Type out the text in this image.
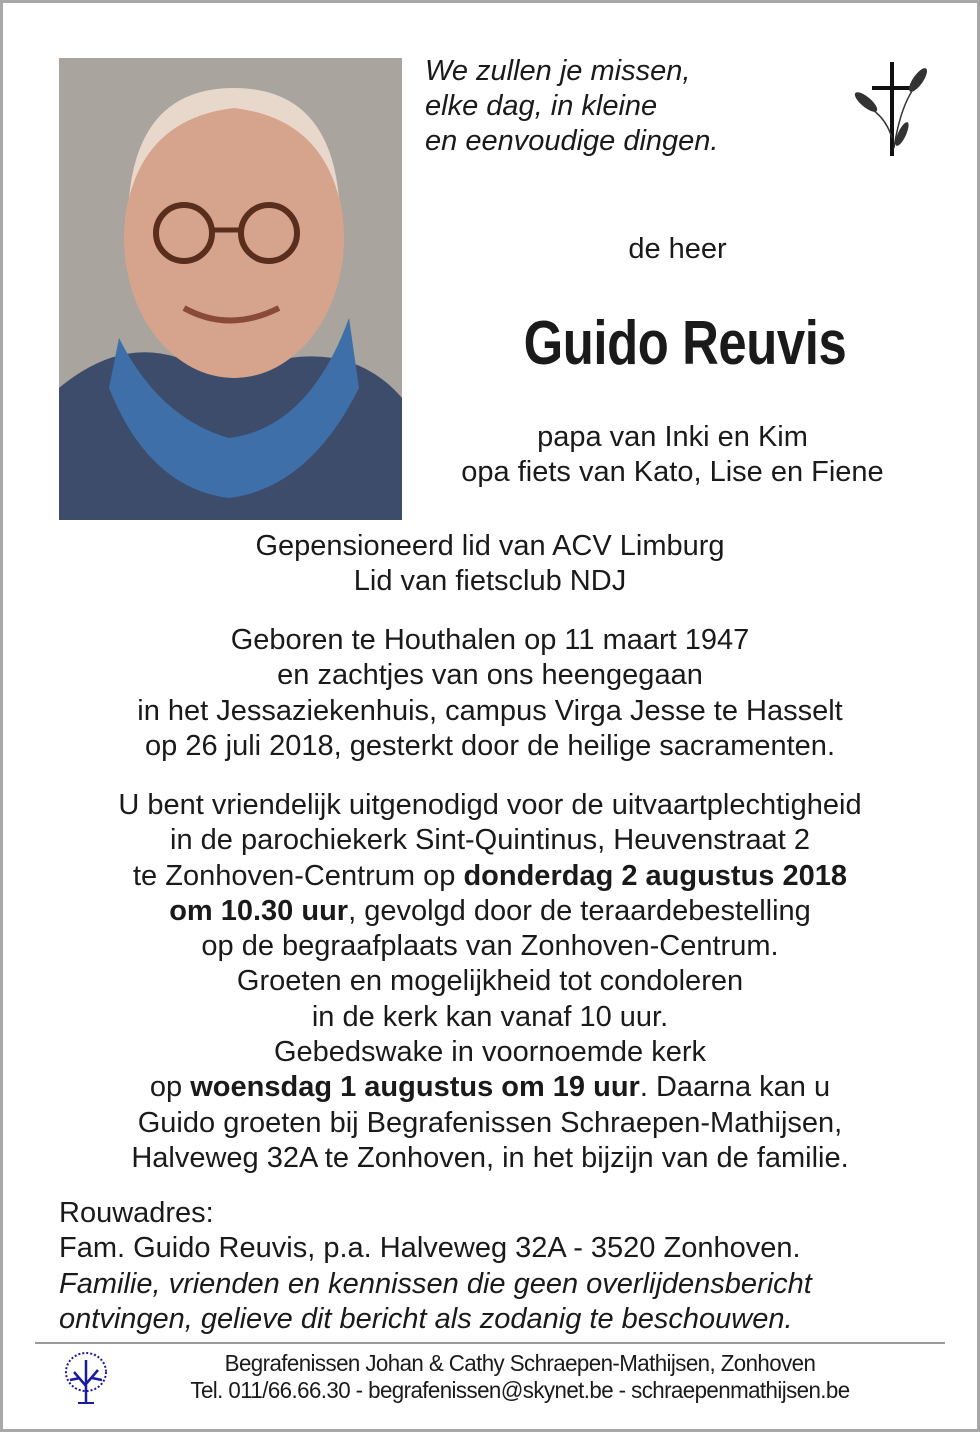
We zullen je missen,
elke dag, in kleine
en eenvoudige dingen.
de heer
Guido Reuvis
papa van Inki en Kim
opa fiets van Kato, Lise en Fiene
Gepensioneerd lid van ACV Limburg
Lid van fietsclub NDJ
Geboren te Houthalen op 11 maart 1947
en zachtjes van ons heengegaan
in het Jessaziekenhuis, campus Virga Jesse te Hasselt
op 26 juli 2018, gesterkt door de heilige sacramenten.
U bent vriendelijk uitgenodigd voor de uitvaartplechtigheid
in de parochiekerk Sint-Quintinus, Heuvenstraat 2
te Zonhoven-Centrum op donderdag 2 augustus 2018
om 10.30 uur, gevolgd door de teraardebestelling
op de begraafplaats van Zonhoven-Centrum.
Groeten en mogelijkheid tot condoleren
in de kerk kan vanaf 10 uur.
Gebedswake in voornoemde kerk
op woensdag 1 augustus om 19 uur. Daarna kan u
Guido groeten bij Begrafenissen Schraepen-Mathijsen,
Halveweg 32A te Zonhoven, in het bijzijn van de familie.
Rouwadres:
Fam. Guido Reuvis, p.a. Halveweg 32A - 3520 Zonhoven.
Familie, vrienden en kennissen die geen overlijdensbericht
ontvingen, gelieve dit bericht als zodanig te beschouwen.
Begrafenissen Johan & Cathy Schraepen-Mathijsen, Zonhoven
Tel. 011/66.66.30 - begrafenissen@skynet.be - schraepenmathijsen.be
